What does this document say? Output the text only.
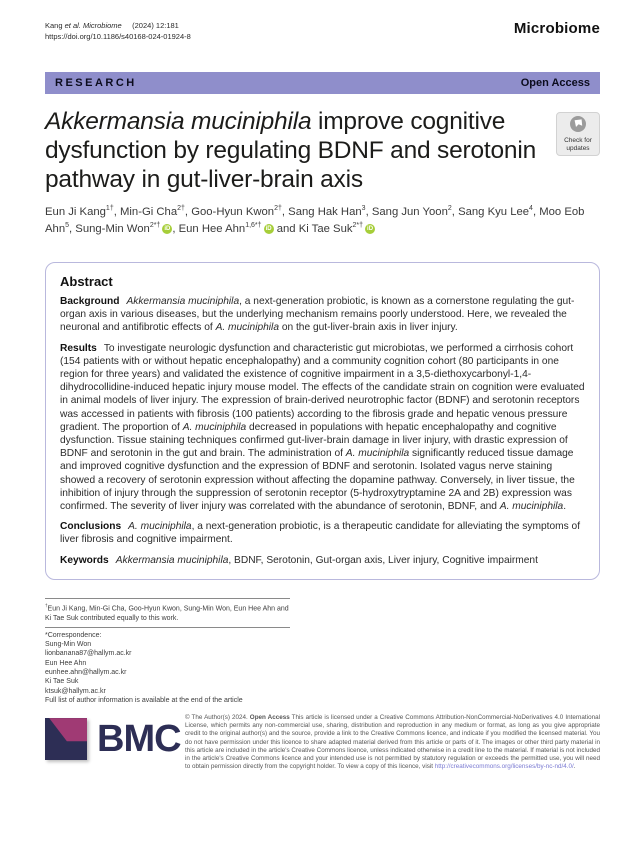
Kang et al. Microbiome     (2024) 12:181
https://doi.org/10.1186/s40168-024-01924-8	Microbiome
RESEARCH	Open Access
Check for
updates
Akkermansia muciniphila improve cognitive dysfunction by regulating BDNF and serotonin pathway in gut-liver-brain axis

Eun Ji Kang$^{1\dagger}$, Min-Gi Cha$^{2\dagger}$, Goo-Hyun Kwon$^{2\dagger}$, Sang Hak Han$^3$, Sang Jun Yoon$^2$, Sang Kyu Lee$^4$, Moo Eob Ahn$^5$, Sung-Min Won$^{2*\dagger}$ iD , Eun Hee Ahn$^{1,6*\dagger}$ iD and Ki Tae Suk$^{2*\dagger}$ iD

Abstract

Background Akkermansia muciniphila, a next-generation probiotic, is known as a cornerstone regulating the gut-organ axis in various diseases, but the underlying mechanism remains poorly understood. Here, we revealed the neuronal and antifibrotic effects of A. muciniphila on the gut-liver-brain axis in liver injury.

Results To investigate neurologic dysfunction and characteristic gut microbiotas, we performed a cirrhosis cohort (154 patients with or without hepatic encephalopathy) and a community cognition cohort (80 participants in one region for three years) and validated the existence of cognitive impairment in a 3,5-diethoxycarbonyl-1,4-dihydrocollidine-induced hepatic injury mouse model. The effects of the candidate strain on cognition were evaluated in animal models of liver injury. The expression of brain-derived neurotrophic factor (BDNF) and serotonin receptors was accessed in patients with fibrosis (100 patients) according to the fibrosis grade and hepatic venous pressure gradient. The proportion of A. muciniphila decreased in populations with hepatic encephalopathy and cognitive dysfunction. Tissue staining techniques confirmed gut-liver-brain damage in liver injury, with drastic expression of BDNF and serotonin in the gut and brain. The administration of A. muciniphila significantly reduced tissue damage and improved cognitive dysfunction and the expression of BDNF and serotonin. Isolated vagus nerve staining showed a recovery of serotonin expression without affecting the dopamine pathway. Conversely, in liver tissue, the inhibition of injury through the suppression of serotonin receptor (5-hydroxytryptamine 2A and 2B) expression was confirmed. The severity of liver injury was correlated with the abundance of serotonin, BDNF, and A. muciniphila.

Conclusions A. muciniphila, a next-generation probiotic, is a therapeutic candidate for alleviating the symptoms of liver fibrosis and cognitive impairment.

Keywords Akkermansia muciniphila, BDNF, Serotonin, Gut-organ axis, Liver injury, Cognitive impairment

†Eun Ji Kang, Min-Gi Cha, Goo-Hyun Kwon, Sung-Min Won, Eun Hee Ahn and Ki Tae Suk contributed equally to this work.

*Correspondence:
Sung-Min Won
lionbanana87@hallym.ac.kr
Eun Hee Ahn
eunhee.ahn@hallym.ac.kr
Ki Tae Suk
ktsuk@hallym.ac.kr
Full list of author information is available at the end of the article
BMC

© The Author(s) 2024. Open Access This article is licensed under a Creative Commons Attribution-NonCommercial-NoDerivatives 4.0 International License, which permits any non-commercial use, sharing, distribution and reproduction in any medium or format, as long as you give appropriate credit to the original author(s) and the source, provide a link to the Creative Commons licence, and indicate if you modified the licensed material. You do not have permission under this licence to share adapted material derived from this article or parts of it. The images or other third party material in this article are included in the article's Creative Commons licence, unless indicated otherwise in a credit line to the material. If material is not included in the article's Creative Commons licence and your intended use is not permitted by statutory regulation or exceeds the permitted use, you will need to obtain permission directly from the copyright holder. To view a copy of this licence, visit http://creativecommons.org/licenses/by-nc-nd/4.0/.
